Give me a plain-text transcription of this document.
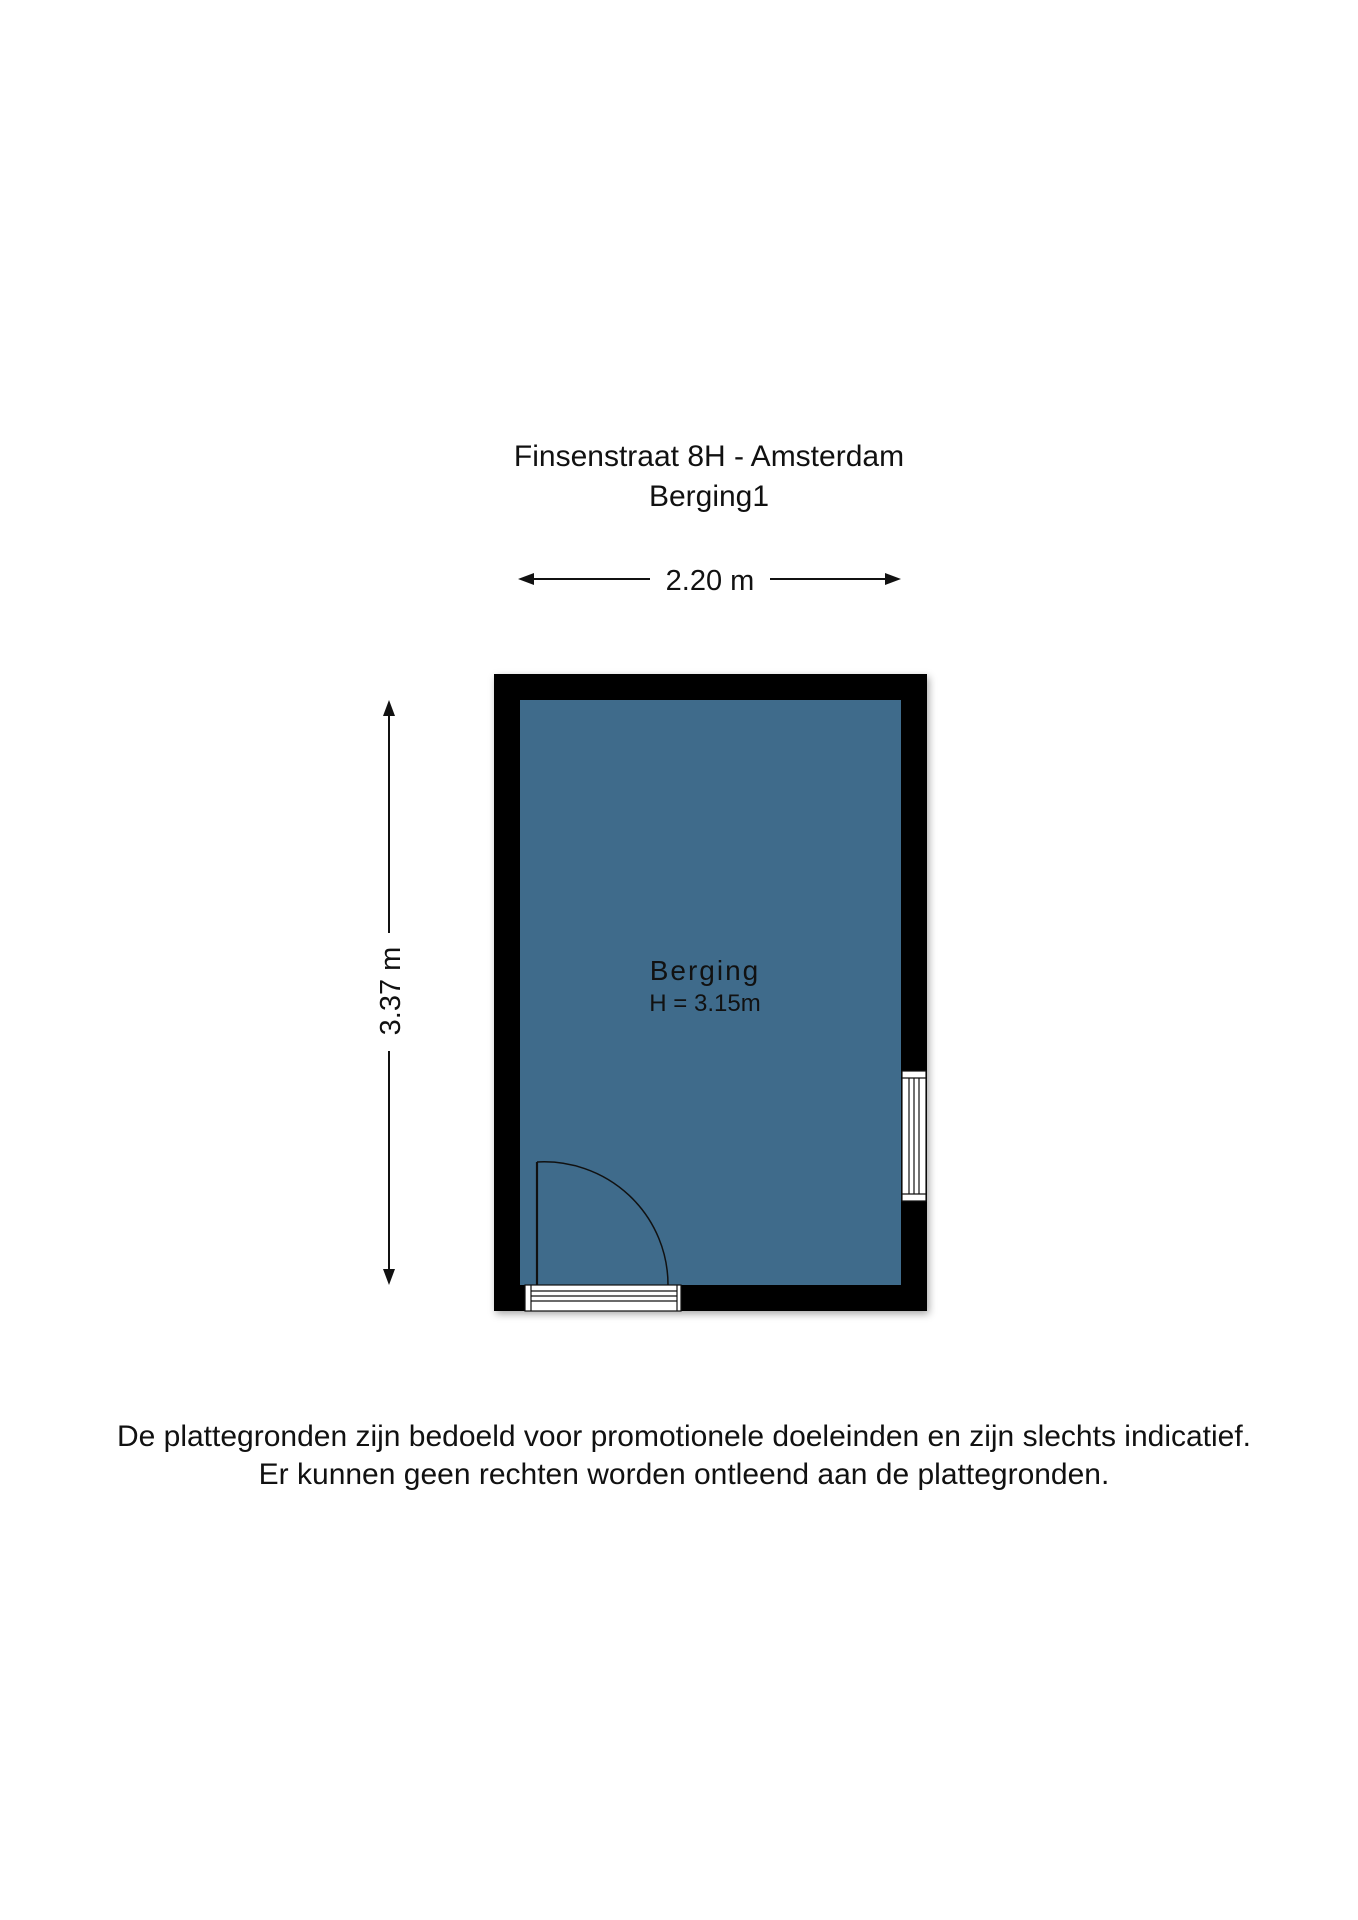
Finsenstraat 8H - Amsterdam
Berging1
2.20 m
3.37 m	Berging
H = 3.15m
De plattegronden zijn bedoeld voor promotionele doeleinden en zijn slechts indicatief.
Er kunnen geen rechten worden ontleend aan de plattegronden.
